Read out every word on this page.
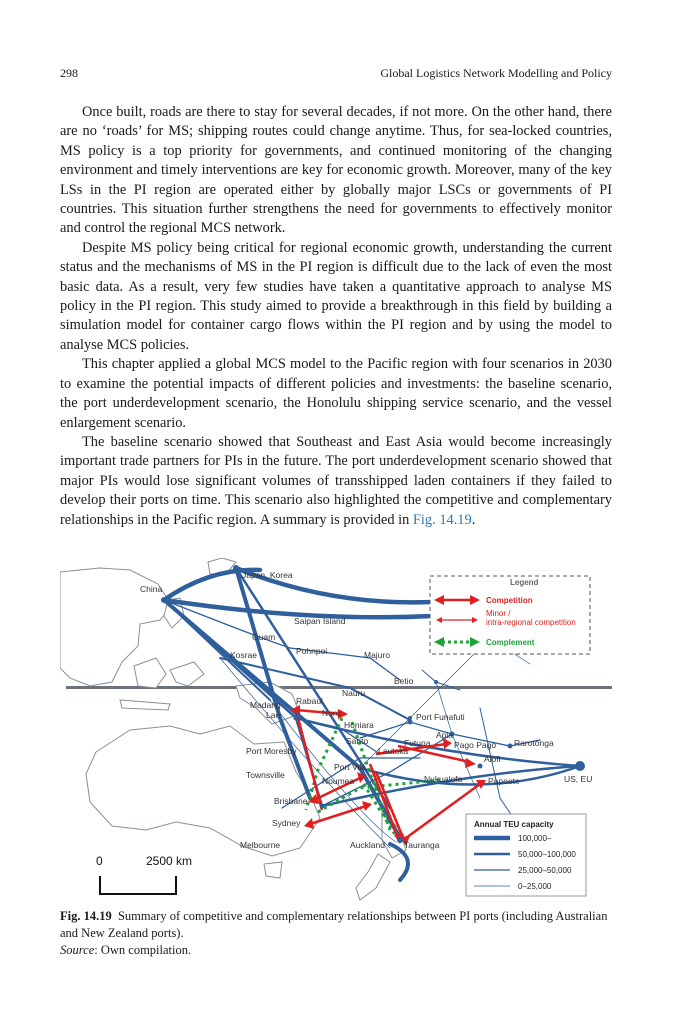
298	Global Logistics Network Modelling and Policy

Once built, roads are there to stay for several decades, if not more. On the other hand, there are no ‘roads’ for MS; shipping routes could change anytime. Thus, for sea-locked countries, MS policy is a top priority for governments, and continued monitoring of the changing environment and timely interventions are key for economic growth. Moreover, many of the key LSs in the PI region are operated either by globally major LSCs or governments of PI countries. This situation further strengthens the need for governments to effectively monitor and control the regional MCS network.

Despite MS policy being critical for regional economic growth, understanding the current status and the mechanisms of MS in the PI region is difficult due to the lack of even the most basic data. As a result, very few studies have taken a quantitative approach to analyse MS policy in the PI region. This study aimed to provide a breakthrough in this field by building a simulation model for container cargo flows within the PI region and by using the model to analyse MCS policies.

This chapter applied a global MCS model to the Pacific region with four scenarios in 2030 to examine the potential impacts of different policies and investments: the baseline scenario, the port underdevelopment scenario, the Honolulu shipping service scenario, and the vessel enlargement scenario.

The baseline scenario showed that Southeast and East Asia would become increasingly important trade partners for PIs in the future. The port underdevelopment scenario showed that major PIs would lose significant volumes of transshipped laden containers if they failed to develop their ports on time. This scenario also highlighted the competitive and complementary relationships in the Pacific region. A summary is provided in Fig. 14.19.

Japan, Korea
China
Saipan Island
Guam
Kosrae	Pohnpei	Majuro
Betio
Nauru
Rabaul
Madang
Lae	Noro
Honiara
Port Funafuti
Apia
Santo
Lautoka
Futuna	Pago Pago Rarotonga
Port Moresby
Alofi
Townsville
Port Vila
Noumea	Nukualofa	Papeete	US, EU
Brisbane
Sydney
Melbourne	Auckland Tauranga
Legend
Competition
Minor / intra-regional competition
Complement
Annual TEU capacity
100,000–
50,000–100,000
25,000–50,000
0–25,000
0	2500 km
Fig. 14.19 Summary of competitive and complementary relationships between PI ports (including Australian and New Zealand ports).
Source: Own compilation.
